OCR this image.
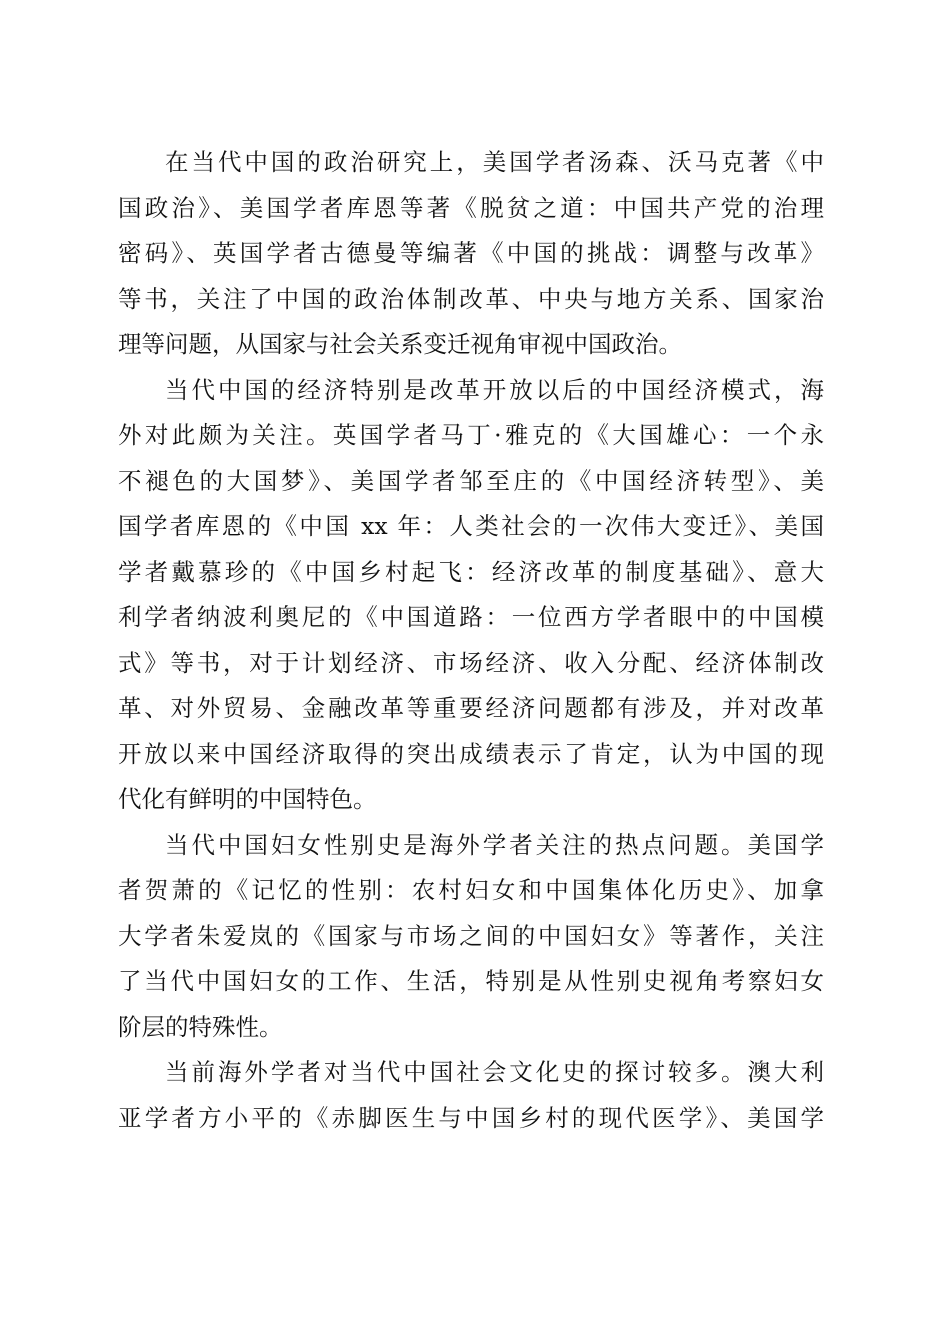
在当代中国的政治研究上，美国学者汤森、沃马克著《中
国政治》、美国学者库恩等著《脱贫之道：中国共产党的治理
密码》、英国学者古德曼等编著《中国的挑战：调整与改革》
等书，关注了中国的政治体制改革、中央与地方关系、国家治
理等问题，从国家与社会关系变迁视角审视中国政治。
当代中国的经济特别是改革开放以后的中国经济模式，海
外对此颇为关注。英国学者马丁·雅克的《大国雄心：一个永
不褪色的大国梦》、美国学者邹至庄的《中国经济转型》、美
国学者库恩的《中国 xx 年：人类社会的一次伟大变迁》、美国
学者戴慕珍的《中国乡村起飞：经济改革的制度基础》、意大
利学者纳波利奥尼的《中国道路：一位西方学者眼中的中国模
式》等书，对于计划经济、市场经济、收入分配、经济体制改
革、对外贸易、金融改革等重要经济问题都有涉及，并对改革
开放以来中国经济取得的突出成绩表示了肯定，认为中国的现
代化有鲜明的中国特色。
当代中国妇女性别史是海外学者关注的热点问题。美国学
者贺萧的《记忆的性别：农村妇女和中国集体化历史》、加拿
大学者朱爱岚的《国家与市场之间的中国妇女》等著作，关注
了当代中国妇女的工作、生活，特别是从性别史视角考察妇女
阶层的特殊性。
当前海外学者对当代中国社会文化史的探讨较多。澳大利
亚学者方小平的《赤脚医生与中国乡村的现代医学》、美国学
